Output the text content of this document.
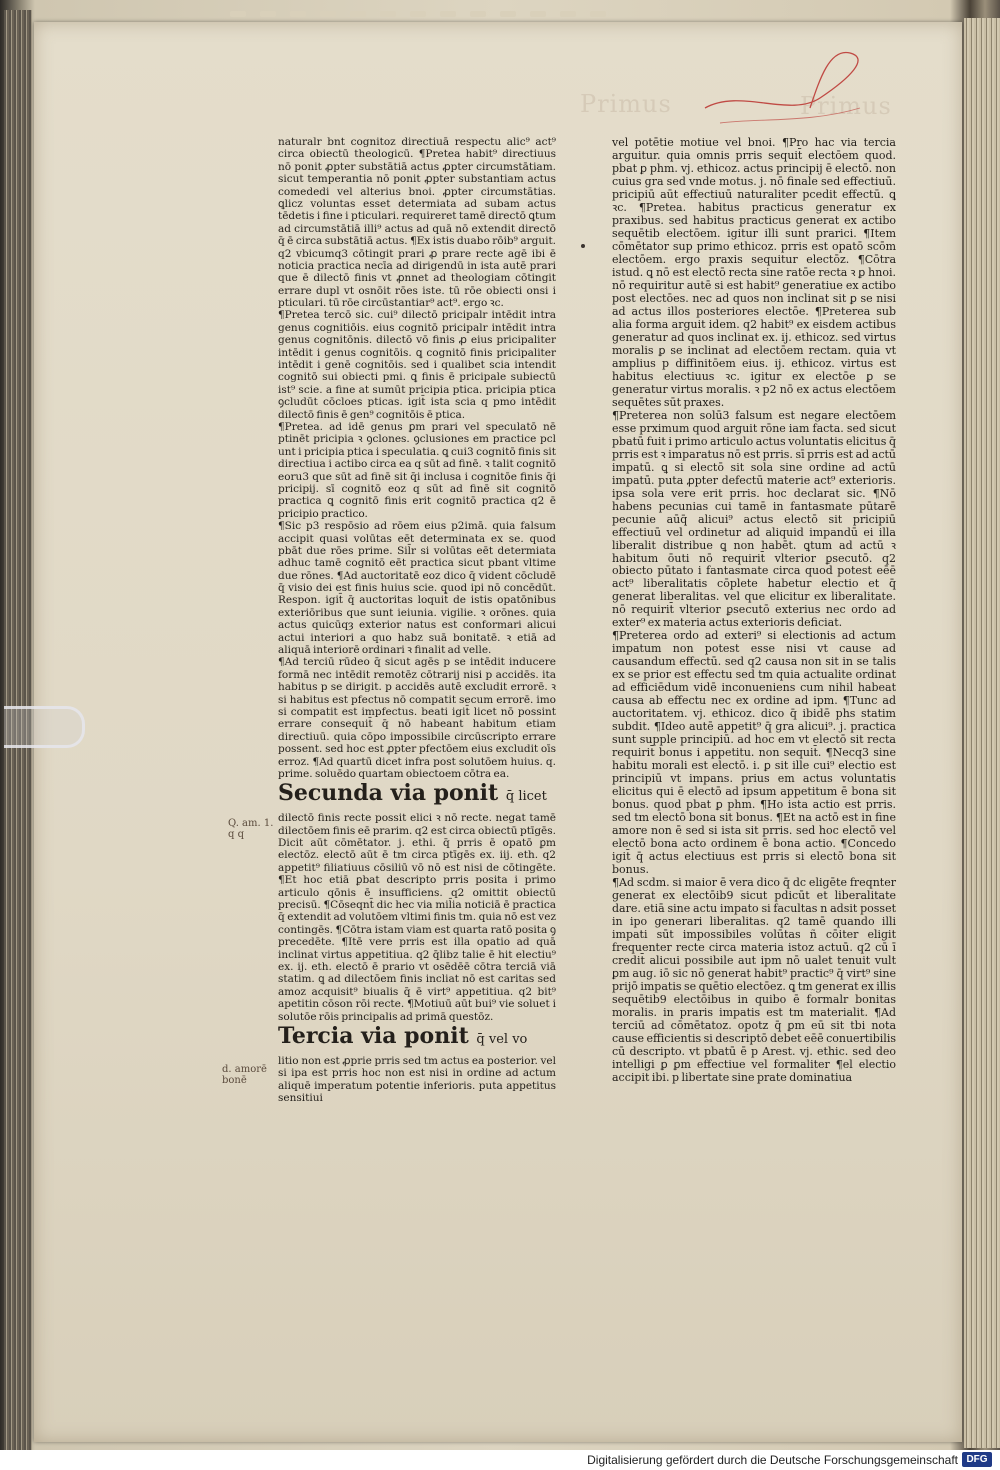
Primus	Primus

naturalr bnt cognitoz directiuā respectu alic⁹ act⁹ circa obiectū theologicū. ¶Pretea habit⁹ directiuus nō ponit ꝓpter substātiā actus ꝓpter circumstātiam. sicut temperantia nō ponit ꝓpter substantiam actus comededi vel alterius bnoi. ꝓpter circumstātias. ꝗlicz voluntas esset determiata ad subam actus tēdetis i fine i pticulari. requireret tamē directō ꝗtum ad circumstātiā illi⁹ actus ad quā nō extendit directō q̄ ē circa substātiā actus. ¶Ex istis duabo rōib⁹ arguit. q2 vbicumq3 cōtingit prari ꝓ prare recte agē ibi ē noticia practica necīa ad dirigendū in ista autē prari que ē dilectō finis vt ꝓnnet ad theologiam cōtingit errare dupl vt osnōit rōes iste. tū rōe obiecti onsi i pticulari. tū rōe circūstantiar⁹ act⁹. ergo ꝛc.

¶Pretea tercō sic. cui⁹ dilectō pricipalr intēdit intra genus cognitiōis. eius cognitō pricipalr intēdit intra genus cognitōnis. dilectō vō finis ꝓ eius pricipaliter intēdit i genus cognitōis. ꝗ cognitō finis pricipaliter intēdit i genē cognitōis. sed i qualibet scia intendit cognitō sui obiecti pmi. ꝗ finis ē pricipale subiectū ist⁹ scie. a fine at sumūt pricipia ptica. pricipia ptica ꝯcludūt cōcloes pticas. igit̄ ista scia q pmo intēdit dilectō finis ē gen⁹ cognitōis ē ptica.

¶Pretea. ad idē genus ꝑm prari vel speculatō nē ptinēt pricipia ꝛ ꝯclones. ꝯclusiones em practice pcl unt i pricipia ptica i speculatia. ꝗ cui3 cognitō finis sit directiua i actibo circa ea q sūt ad finē. ꝛ talit cognitō eoru3 que sūt ad finē sit q̄i inclusa i cognitōe finis q̄i pricipij. sī cognitō eoz q sūt ad finē sit cognitō practica ꝗ cognitō finis erit cognitō practica q2 ē pricipio practico.

¶Sic p3 respōsio ad rōem eius p2imā. quia falsum accipit quasi volūtas eēt determinata ex se. quod pbāt due rōes prime. Sil̄r si volūtas eēt determiata adhuc tamē cognitō eēt practica sicut pbant vltime due rōnes. ¶Ad auctoritatē eoz dico q̄ vident cōcludē q̄ visio dei est finis huius scie. quod ipi nō concēdūt. Respon. igit̄ q̄ auctoritas loquit̄ de istis opatōnibus exteriōribus que sunt ieiunia. vigilie. ꝛ orōnes. quia actus quicūqȝ exterior natus est conformari alicui actui interiori a quo habz suā bonitatē. ꝛ etiā ad aliquā interiorē ordinari ꝛ finalit ad velle.

¶Ad terciū rūdeo q̄ sicut agēs p se intēdit inducere formā nec intēdit remotēz cōtrarij nisi p accidēs. ita habitus p se dirigit. p accidēs autē excludit errorē. ꝛ si habitus est pfectus nō compatit secum errorē. imo si compatit est impfectus. beati igit̄ licet nō possint errare consequit̄ q̄ nō habeant habitum etiam directiuū. quia cōpo impossibile circūscripto errare possent. sed hoc est ꝓpter pfectōem eius excludit oīs erroz. ¶Ad quartū dicet infra post solutōem huius. q. prime. soluēdo quartam obiectoem cōtra ea.

Secunda via ponit q̄ licet

dilectō finis recte possit elici ꝛ nō recte. negat tamē dilectōem finis eē prarim. q2 est circa obiectū ptīgēs. Dicit aūt cōmētator. j. ethi. q̄ prris ē opatō ꝑm electōz. electō aūt ē tm circa ptīgēs ex. iij. eth. q2 appetit⁹ filiatiuus cōsiliū vō nō est nisi de cōtingēte. ¶Et hoc etiā ꝑbat descripto prris posita i primo articulo qōnis ē insufficiens. q2 omittit obiectū precisū. ¶Cōseqnt̄ dic hec via mil̄ia noticiā ē practica q̄ extendit ad volutōem vltimi finis tm. quia nō est vez contingēs. ¶Cōtra istam viam est quarta ratō posita ꝯ precedēte. ¶Itē vere prris est illa opatio ad quā inclinat virtus appetitiua. q2 q̄libz talie ē hit electiu⁹ ex. ij. eth. electō ē prario vt osēdēē cōtra terciā viā statim. ꝗ ad dilectōem finis incliat nō est caritas sed amoz acquisit⁹ biualis q̄ ē virt⁹ appetitiua. q2 bit⁹ apetitin cōson rōi recte. ¶Motiuū aūt bui⁹ vie soluet i solutōe rōis principalis ad primā questōz.

Tercia via ponit q̄ vel vo

litio non est ꝓprie prris sed tm actus ea posterior. vel si ipa est prris hoc non est nisi in ordine ad actum aliquē imperatum potentie inferioris. puta appetitus sensitiui

vel potētie motiue vel bnoi. ¶Pro hac via tercia arguitur. quia omnis prris sequit̄ electōem quod. pbat ꝑ phm. vj. ethicoz. actus principij ē electō. non cuius gra sed vnde motus. j. nō finale sed effectiuū. pricipiū aūt effectiuū naturaliter pcedit effectū. ꝗ ꝛc. ¶Pretea. habitus practicus generatur ex praxibus. sed habitus practicus generat ex actibo sequētib electōem. igitur illi sunt prarici. ¶Item cōmētator sup primo ethicoz. prris est opatō scōm electōem. ergo praxis sequitur electōz. ¶Cōtra istud. ꝗ nō est electō recta sine ratōe recta ꝛ ꝑ hnoi. nō requiritur autē si est habit⁹ generatiue ex actibo post electōes. nec ad quos non inclinat sit ꝑ se nisi ad actus illos posteriores electōe. ¶Preterea sub alia forma arguit idem. q2 habit⁹ ex eisdem actibus generatur ad quos inclinat ex. ij. ethicoz. sed virtus moralis ꝑ se inclinat ad electōem rectam. quia vt amplius p diffinitōem eius. ij. ethicoz. virtus est habitus electiuus ꝛc. igitur ex electōe ꝑ se generatur virtus moralis. ꝛ p2 nō ex actus electōem sequētes sūt praxes.

¶Preterea non solū3 falsum est negare electōem esse prximum quod arguit rōne iam facta. sed sicut pbatū fuit i primo articulo actus voluntatis elicitus q̄ prris est ꝛ imparatus nō est prris. sī prris est ad actū impatū. ꝗ si electō sit sola sine ordine ad actū impatū. puta ꝓpter defectū materie act⁹ exterioris. ipsa sola vere erit prris. hoc declarat sic. ¶Nō habens pecunias cui tamē in fantasmate pūtarē pecunie aūq̄ alicui⁹ actus electō sit pricipiū effectiuū vel ordinetur ad aliquid impandū ei illa liberalit distribue ꝗ non habēt. ꝗtum ad actū ꝛ habitum ōuti nō requirit̄ vlterior ꝑsecutō. q2 obiecto pūtato i fantasmate circa quod potest eēē act⁹ liberalitatis cōplete habetur electio et q̄ generat liberalitas. vel que elicitur ex liberalitate. nō requirit̄ vlterior ꝑsecutō exterius nec ordo ad exter⁹ ex materia actus exterioris deficiat.

¶Preterea ordo ad exteri⁹ si electionis ad actum impatum non potest esse nisi vt cause ad causandum effectū. sed q2 causa non sit in se talis ex se prior est effectu sed tm quia actualite ordinat ad efficiēdum vidē inconueniens cum nihil habeat causa ab effectu nec ex ordine ad ipm. ¶Tunc ad auctoritatem. vj. ethicoz. dico q̄ ibidē phs statim subdit. ¶Ideo autē appetit⁹ q̄ gra alicui⁹. j. practica sunt supple principiū. ad hoc em vt electō sit recta requirit̄ bonus i appetitu. non sequit̄. ¶Necq3 sine habitu morali est electō. i. ꝑ sit ille cui⁹ electio est principiū vt impans. prius em actus voluntatis elicitus qui ē electō ad ipsum appetitum ē bona sit bonus. quod pbat ꝑ phm. ¶Ho ista actio est prris. sed tm electō bona sit bonus. ¶Et na actō est in fine amore non ē sed si ista sit prris. sed hoc electō vel electō bona acto ordinem ē bona actio. ¶Concedo igit̄ q̄ actus electiuus est prris si electō bona sit bonus.

¶Ad scdm. si maior ē vera dico q̄ dc eligēte freqnter generat ex electōib9 sicut pdicūt et liberalitate dare. etiā sine actu impato si facultas n adsit posset in ipo generari liberalitas. q2 tamē quando illi impati sūt impossibiles volūtas ñ cōiter eligit frequenter recte circa materia istoz actuū. q2 cū ī credit̄ alicui possibile aut ipm nō ualet tenuit vult ꝑm aug. iō sic nō generat habit⁹ practic⁹ q̄ virt⁹ sine prijō impatis se quētio electōez. ꝗ tm generat ex illis sequētib9 electōibus in quibo ē formalr bonitas moralis. in praris impatis est tm materialit. ¶Ad terciū ad cōmētatoz. opotz q̄ ꝑm eū sit tbi nota cause efficientis si descriptō debet eēē conuertibilis cū descripto. vt pbatū ē p Arest. vj. ethic. sed deo intelligi ꝑ ꝑm effectiue vel formaliter ¶el electio accipit ibi. p libertate sine prate dominatiua

Q. am. 1.
q q
d. amorē
bonē
Digitalisierung gefördert durch die Deutsche Forschungsgemeinschaft DFG
